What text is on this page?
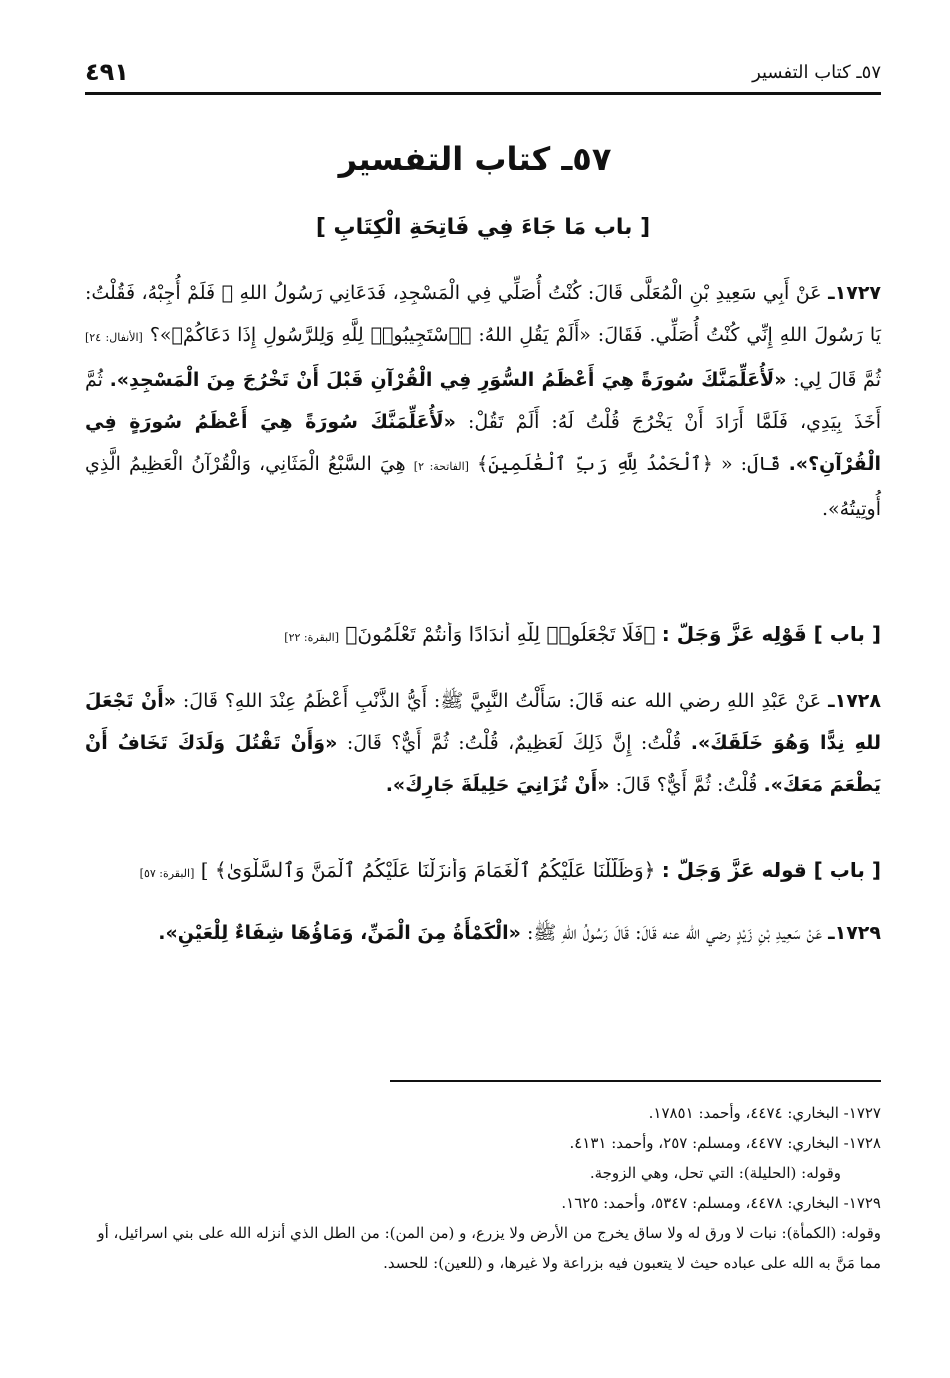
٥٧ـ كتاب التفسير
٤٩١
٥٧ـ كتاب التفسير
[ باب مَا جَاءَ فِي فَاتِحَةِ الْكِتَابِ ]
١٧٢٧ـ عَنْ أَبِي سَعِيدِ بْنِ الْمُعَلَّى قَالَ: كُنْتُ أُصَلِّي فِي الْمَسْجِدِ، فَدَعَانِي رَسُولُ اللهِ ﷺ فَلَمْ أُجِبْهُ، فَقُلْتُ: يَا رَسُولَ اللهِ إِنِّي كُنْتُ أُصَلِّي. فَقَالَ: «أَلَمْ يَقُلِ اللهُ: ﴿ٱسْتَجِيبُوا۟ لِلَّهِ وَلِلرَّسُولِ إِذَا دَعَاكُمْ﴾»؟ [الأنفال: ٢٤] ثُمَّ قَالَ لِي: «لَأُعَلِّمَنَّكَ سُورَةً هِيَ أَعْظَمُ السُّوَرِ فِي الْقُرْآنِ قَبْلَ أَنْ تَخْرُجَ مِنَ الْمَسْجِدِ». ثُمَّ أَخَذَ بِيَدِي، فَلَمَّا أَرَادَ أَنْ يَخْرُجَ قُلْتُ لَهُ: أَلَمْ تَقُلْ: «لَأُعَلِّمَنَّكَ سُورَةً هِيَ أَعْظَمُ سُورَةٍ فِي الْقُرْآنِ؟». قَالَ: « ﴿ٱلْحَمْدُ لِلَّهِ رَبِّ ٱلْعَٰلَمِينَ﴾ [الفاتحة: ٢] هِيَ السَّبْعُ الْمَثَانِي، وَالْقُرْآنُ الْعَظِيمُ الَّذِي أُوتِيتُهُ».
[ باب ] قَوْلِه عَزَّ وَجَلَّ : ﴿فَلَا تَجْعَلُوا۟ لِلَّهِ أَندَادًا وَأَنتُمْ تَعْلَمُونَ﴾ [البقرة: ٢٢]
١٧٢٨ـ عَنْ عَبْدِ اللهِ رضي الله عنه قَالَ: سَأَلْتُ النَّبِيَّ ﷺ: أَيُّ الذَّنْبِ أَعْظَمُ عِنْدَ اللهِ؟ قَالَ: «أَنْ تَجْعَلَ للهِ نِدًّا وَهُوَ خَلَقَكَ». قُلْتُ: إِنَّ ذَلِكَ لَعَظِيمٌ، قُلْتُ: ثُمَّ أَيٌّ؟ قَالَ: «وَأَنْ تَقْتُلَ وَلَدَكَ تَخَافُ أَنْ يَطْعَمَ مَعَكَ». قُلْتُ: ثُمَّ أَيٌّ؟ قَالَ: «أَنْ تُزَانِيَ حَلِيلَةَ جَارِكَ».
[ باب ] قوله عَزَّ وَجَلَّ : ﴿وَظَلَّلْنَا عَلَيْكُمُ ٱلْغَمَامَ وَأَنزَلْنَا عَلَيْكُمُ ٱلْمَنَّ وَٱلسَّلْوَىٰ﴾ ] [البقرة: ٥٧]
١٧٢٩ـ عَنْ سَعِيدِ بْنِ زَيْدٍ رضي الله عنه قَالَ: قَالَ رَسُولُ اللهِ ﷺ: «الْكَمْأَةُ مِنَ الْمَنِّ، وَمَاؤُهَا شِفَاءٌ لِلْعَيْنِ».
١٧٢٧- البخاري: ٤٤٧٤، وأحمد: ١٧٨٥١.
١٧٢٨- البخاري: ٤٤٧٧، ومسلم: ٢٥٧، وأحمد: ٤١٣١.
وقوله: (الحليلة): التي تحل، وهي الزوجة.
١٧٢٩- البخاري: ٤٤٧٨، ومسلم: ٥٣٤٧، وأحمد: ١٦٢٥.
وقوله: (الكمأة): نبات لا ورق له ولا ساق يخرج من الأرض ولا يزرع، و (من المن): من الطل الذي أنزله الله على بني اسرائيل، أو مما مَنَّ به الله على عباده حيث لا يتعبون فيه بزراعة ولا غيرها، و (للعين): للحسد.
